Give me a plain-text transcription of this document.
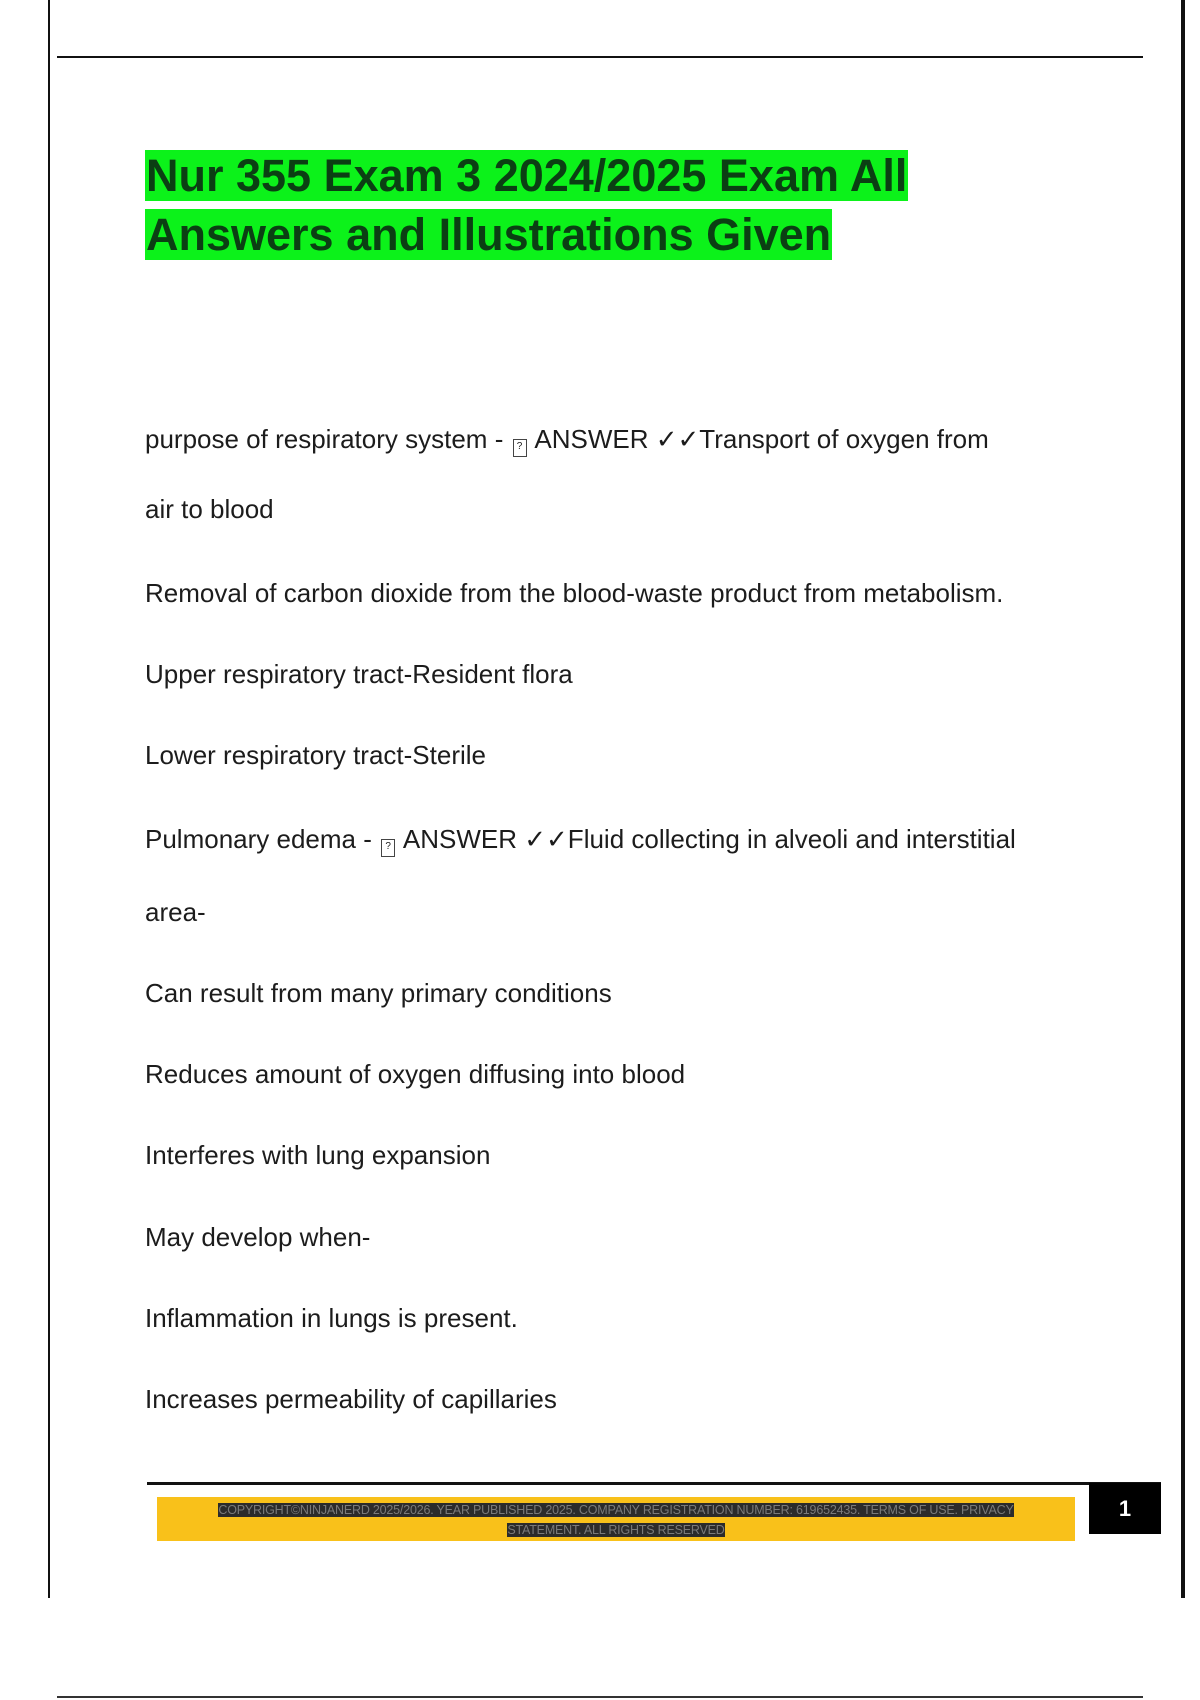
Nur 355 Exam 3 2024/2025 Exam All
Answers and Illustrations Given

purpose of respiratory system - ? ANSWER ✓✓Transport of oxygen from

air to blood

Removal of carbon dioxide from the blood-waste product from metabolism.

Upper respiratory tract-Resident flora

Lower respiratory tract-Sterile

Pulmonary edema - ? ANSWER ✓✓Fluid collecting in alveoli and interstitial

area-

Can result from many primary conditions

Reduces amount of oxygen diffusing into blood

Interferes with lung expansion

May develop when-

Inflammation in lungs is present.

Increases permeability of capillaries

COPYRIGHT©NINJANERD 2025/2026. YEAR PUBLISHED 2025. COMPANY REGISTRATION NUMBER: 619652435. TERMS OF USE. PRIVACY
STATEMENT. ALL RIGHTS RESERVED
1
